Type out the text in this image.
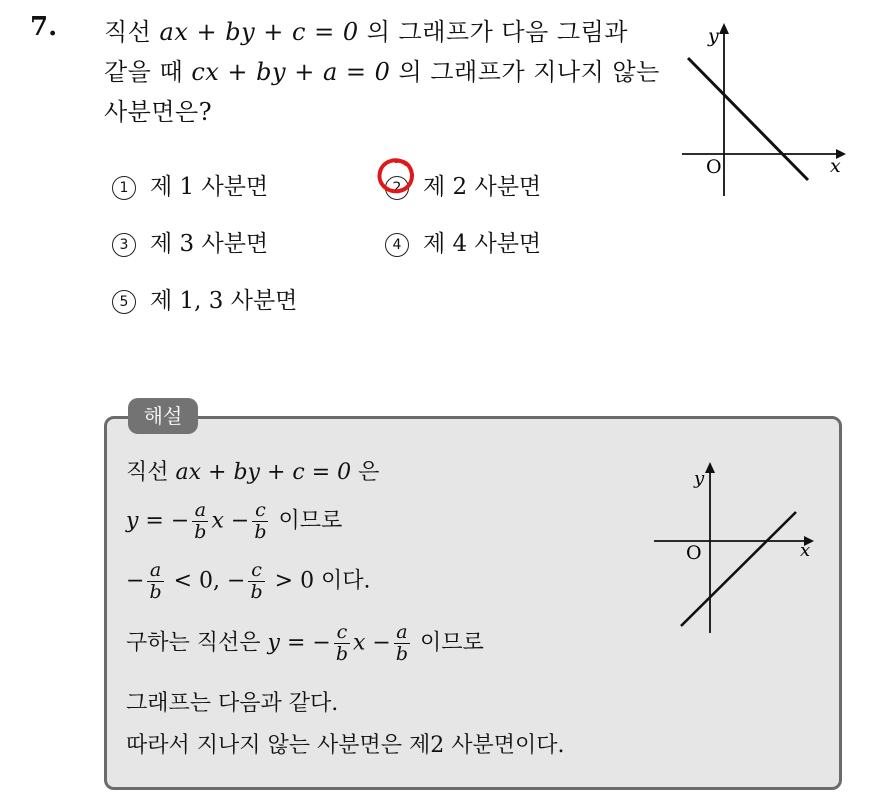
7. 직선 ax + by + c = 0 의 그래프가 다음 그림과
같을 때 cx + by + a = 0 의 그래프가 지나지 않는
사분면은?
y
x
O
1 제 1 사분면	2 제 2 사분면
3 제 3 사분면	4 제 4 사분면
5 제 1, 3 사분면
해설
직선 ax + by + c = 0 은
y = − $\frac{a}{b}$ $x - \frac{c}{b}$ 이므로
− $\frac{a}{b} < 0$, − $\frac{c}{b} > 0$ 이다.
구하는 직선은 y = − $\frac{c}{b}$ $x - \frac{a}{b}$ 이므로
그래프는 다음과 같다.
따라서 지나지 않는 사분면은 제2 사분면이다.
y
x
O
